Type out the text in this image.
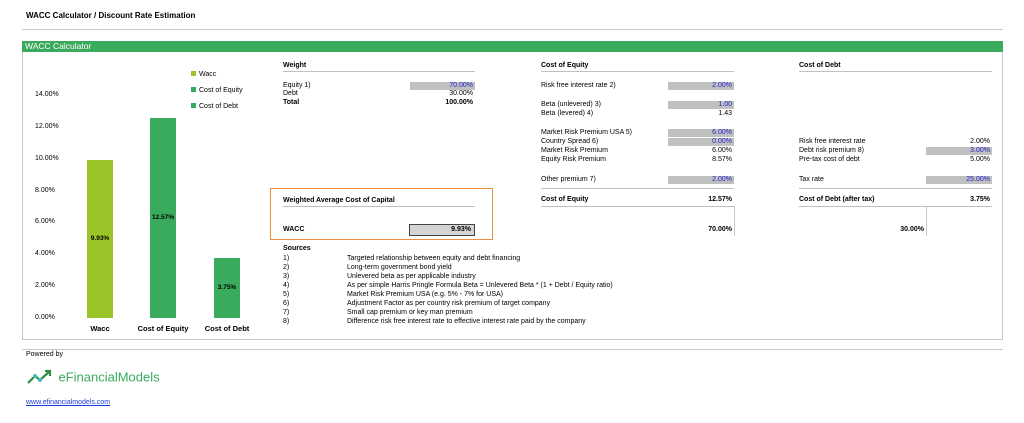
WACC Calculator / Discount Rate Estimation
WACC Calculator
14.00%
12.00%
10.00%
8.00%
6.00%
4.00%
2.00%
0.00%
9.93%
Wacc
12.57%
Cost of Equity
3.75%
Cost of Debt
Wacc
Cost of Equity
Cost of Debt
Weight
Equity 1)	70.00%
Debt	30.00%
Total	100.00%
Weighted Average Cost of Capital
WACC	9.93%
Cost of Equity
Risk free interest rate 2)	2.00%
Beta (unlevered) 3)	1.00
Beta (levered) 4)	1.43
Market Risk Premium USA 5)	6.00%
Country Spread 6)	0.00%
Market Risk Premium	6.00%
Equity Risk Premium	8.57%
Other premium 7)	2.00%
Cost of Equity	12.57%
70.00%
Cost of Debt
Risk free interest rate	2.00%
Debt risk premium 8)	3.00%
Pre-tax cost of debt	5.00%
Tax rate	25.00%
Cost of Debt (after tax)	3.75%
30.00%
Sources
1)	Targeted relationship between equity and debt financing
2)	Long-term government bond yield
3)	Unlevered beta as per applicable industry
4)	As per simple Harris Pringle Formula Beta = Unlevered Beta * (1 + Debt / Equity ratio)
5)	Market Risk Premium USA (e.g. 5% - 7% for USA)
6)	Adjustment Factor as per country risk premium of target company
7)	Small cap premium or key man premium
8)	Difference risk free interest rate to effective interest rate paid by the company
Powered by
eFinancialModels
www.efinancialmodels.com
